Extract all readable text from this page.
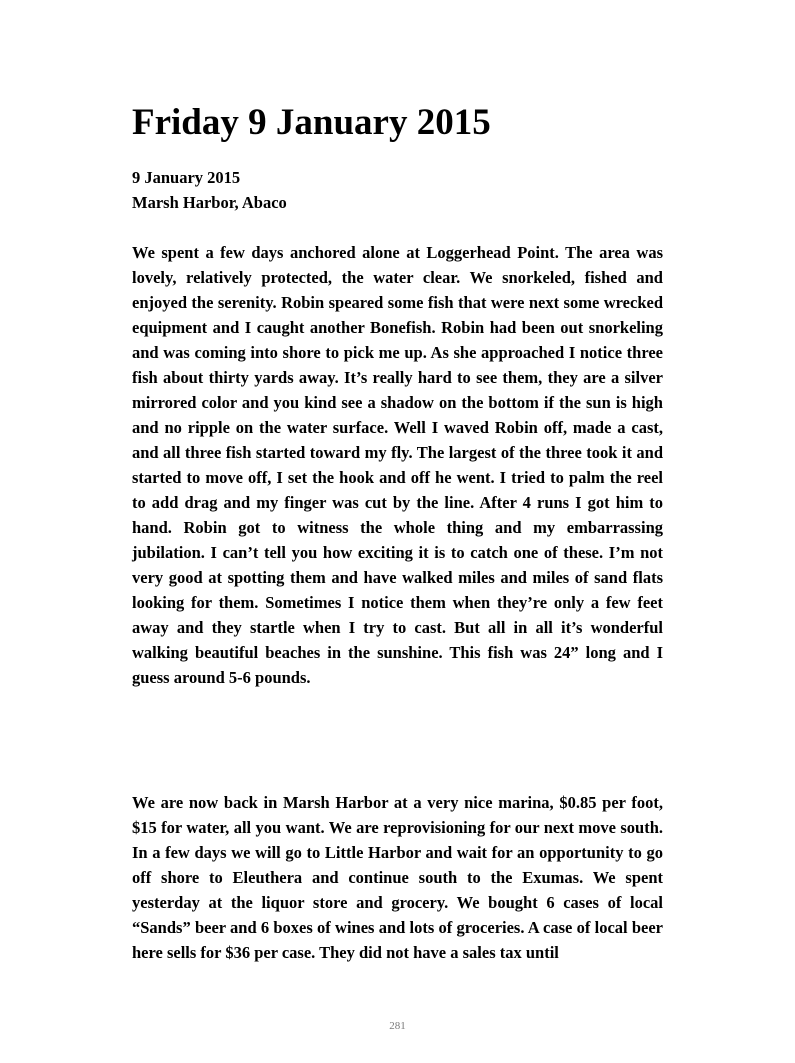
Friday 9 January 2015
9 January 2015
Marsh Harbor, Abaco

We spent a few days anchored alone at Loggerhead Point. The area was lovely, relatively protected, the water clear. We snorkeled, fished and enjoyed the serenity. Robin speared some fish that were next some wrecked equipment and I caught another Bonefish. Robin had been out snorkeling and was coming into shore to pick me up. As she approached I notice three fish about thirty yards away. It’s really hard to see them, they are a silver mirrored color and you kind see a shadow on the bottom if the sun is high and no ripple on the water surface. Well I waved Robin off, made a cast, and all three fish started toward my fly. The largest of the three took it and started to move off, I set the hook and off he went. I tried to palm the reel to add drag and my finger was cut by the line. After 4 runs I got him to hand. Robin got to witness the whole thing and my embarrassing jubilation. I can’t tell you how exciting it is to catch one of these. I’m not very good at spotting them and have walked miles and miles of sand flats looking for them. Sometimes I notice them when they’re only a few feet away and they startle when I try to cast. But all in all it’s wonderful walking beautiful beaches in the sunshine. This fish was 24” long and I guess around 5-6 pounds.

We are now back in Marsh Harbor at a very nice marina, $0.85 per foot, $15 for water, all you want. We are reprovisioning for our next move south. In a few days we will go to Little Harbor and wait for an opportunity to go off shore to Eleuthera and continue south to the Exumas. We spent yesterday at the liquor store and grocery. We bought 6 cases of local “Sands” beer and 6 boxes of wines and lots of groceries. A case of local beer here sells for $36 per case. They did not have a sales tax until

281
